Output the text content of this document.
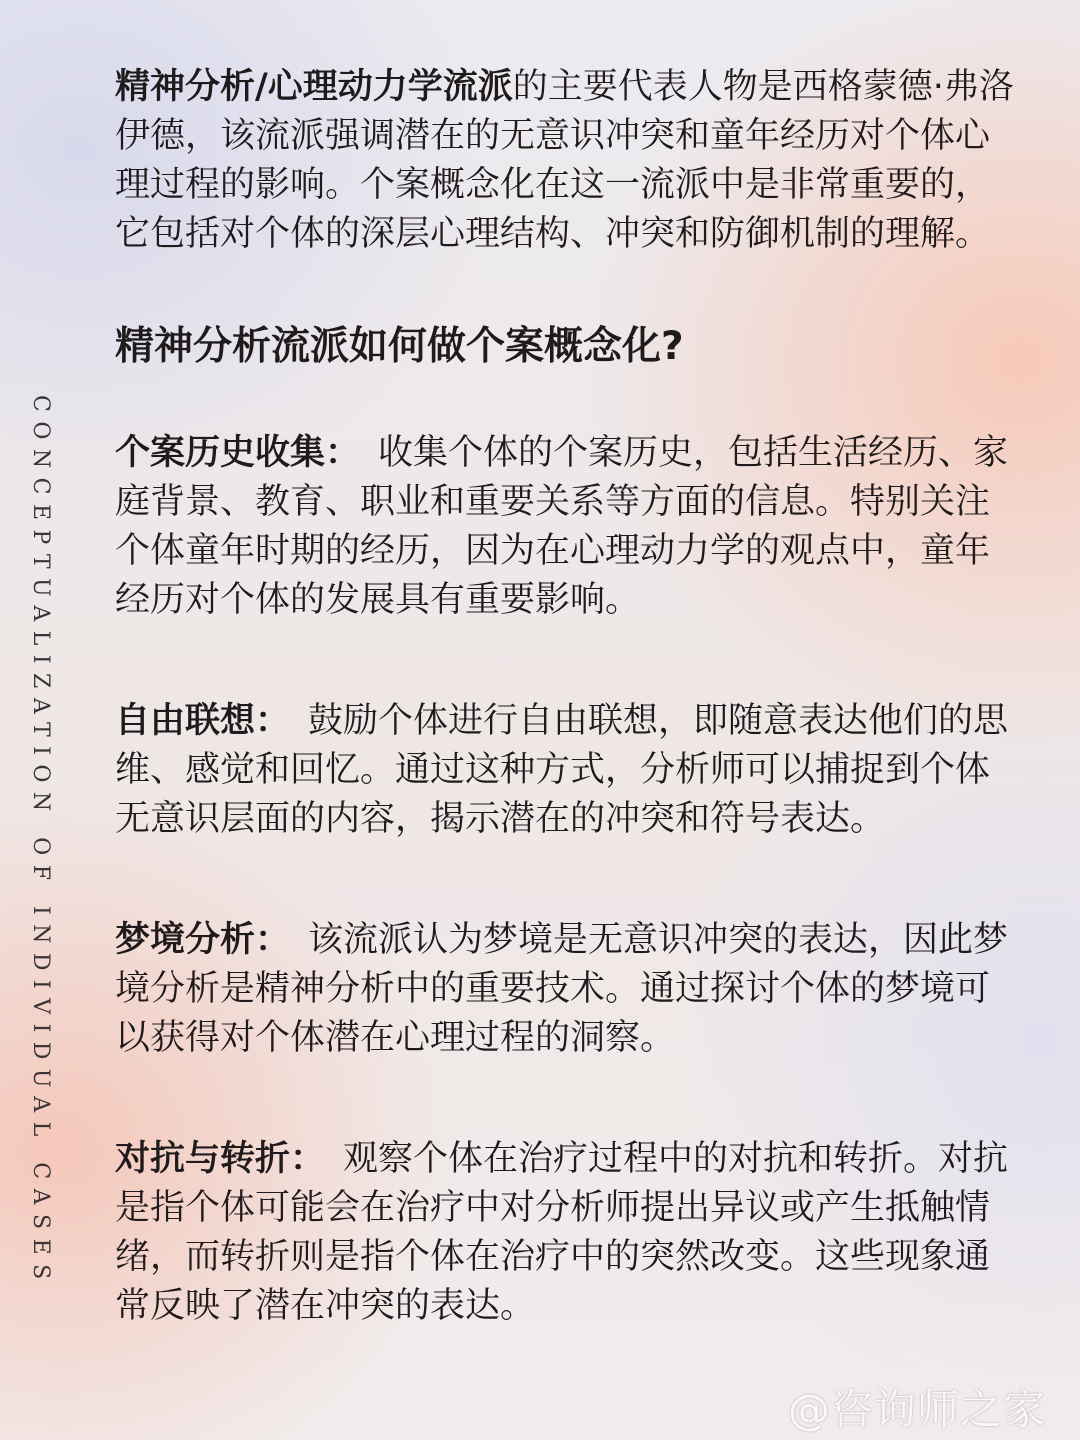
CONCEPTUALIZATION OF INDIVIDUAL CASES

精神分析/心理动力学流派的主要代表人物是西格蒙德·弗洛伊德，该流派强调潜在的无意识冲突和童年经历对个体心理过程的影响。个案概念化在这一流派中是非常重要的，它包括对个体的深层心理结构、冲突和防御机制的理解。

精神分析流派如何做个案概念化?

个案历史收集： 收集个体的个案历史，包括生活经历、家庭背景、教育、职业和重要关系等方面的信息。特别关注个体童年时期的经历，因为在心理动力学的观点中，童年经历对个体的发展具有重要影响。

自由联想： 鼓励个体进行自由联想，即随意表达他们的思维、感觉和回忆。通过这种方式，分析师可以捕捉到个体无意识层面的内容，揭示潜在的冲突和符号表达。

梦境分析： 该流派认为梦境是无意识冲突的表达，因此梦境分析是精神分析中的重要技术。通过探讨个体的梦境可以获得对个体潜在心理过程的洞察。

对抗与转折： 观察个体在治疗过程中的对抗和转折。对抗是指个体可能会在治疗中对分析师提出异议或产生抵触情绪，而转折则是指个体在治疗中的突然改变。这些现象通常反映了潜在冲突的表达。

@咨询师之家
